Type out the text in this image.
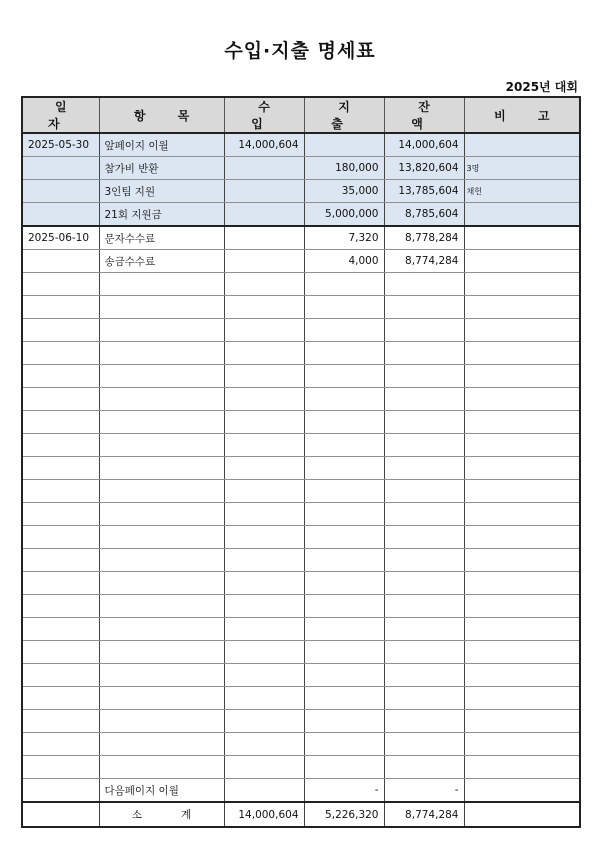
수입·지출 명세표
2025년 대회
일 자	항 목	수 입	지 출	잔 액	비 고
2025-05-30	앞페이지 이월	14,000,604		14,000,604	
	참가비 반환		180,000	13,820,604	3명
	3인팀 지원		35,000	13,785,604	채헌
	21회 지원금		5,000,000	8,785,604	
2025-06-10	문자수수료		7,320	8,778,284	
	송금수수료		4,000	8,774,284	

	다음페이지 이월		-	-	
	소 계	14,000,604	5,226,320	8,774,284	
